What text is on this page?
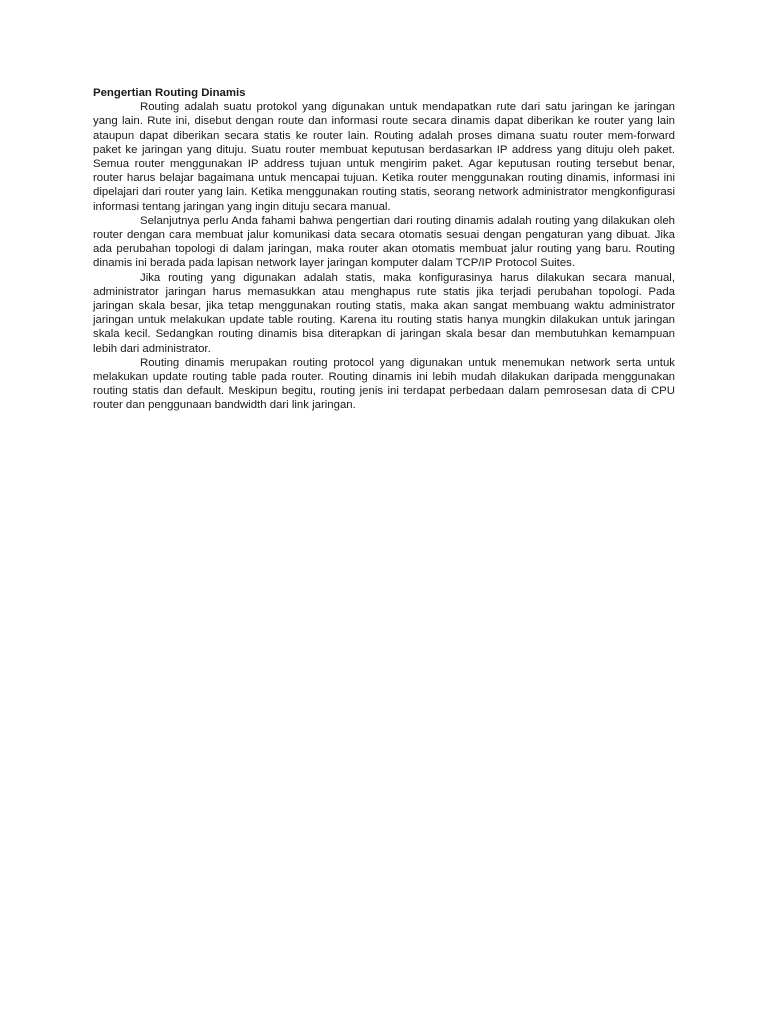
Pengertian Routing Dinamis

Routing adalah suatu protokol yang digunakan untuk mendapatkan rute dari satu jaringan ke jaringan yang lain. Rute ini, disebut dengan route dan informasi route secara dinamis dapat diberikan ke router yang lain ataupun dapat diberikan secara statis ke router lain. Routing adalah proses dimana suatu router mem-forward paket ke jaringan yang dituju. Suatu router membuat keputusan berdasarkan IP address yang dituju oleh paket. Semua router menggunakan IP address tujuan untuk mengirim paket. Agar keputusan routing tersebut benar, router harus belajar bagaimana untuk mencapai tujuan. Ketika router menggunakan routing dinamis, informasi ini dipelajari dari router yang lain. Ketika menggunakan routing statis, seorang network administrator mengkonfigurasi informasi tentang jaringan yang ingin dituju secara manual.

Selanjutnya perlu Anda fahami bahwa pengertian dari routing dinamis adalah routing yang dilakukan oleh router dengan cara membuat jalur komunikasi data secara otomatis sesuai dengan pengaturan yang dibuat. Jika ada perubahan topologi di dalam jaringan, maka router akan otomatis membuat jalur routing yang baru. Routing dinamis ini berada pada lapisan network layer jaringan komputer dalam TCP/IP Protocol Suites.

Jika routing yang digunakan adalah statis, maka konfigurasinya harus dilakukan secara manual, administrator jaringan harus memasukkan atau menghapus rute statis jika terjadi perubahan topologi. Pada jaringan skala besar, jika tetap menggunakan routing statis, maka akan sangat membuang waktu administrator jaringan untuk melakukan update table routing. Karena itu routing statis hanya mungkin dilakukan untuk jaringan skala kecil. Sedangkan routing dinamis bisa diterapkan di jaringan skala besar dan membutuhkan kemampuan lebih dari administrator.

Routing dinamis merupakan routing protocol yang digunakan untuk menemukan network serta untuk melakukan update routing table pada router. Routing dinamis ini lebih mudah dilakukan daripada menggunakan routing statis dan default. Meskipun begitu, routing jenis ini terdapat perbedaan dalam pemrosesan data di CPU router dan penggunaan bandwidth dari link jaringan.
